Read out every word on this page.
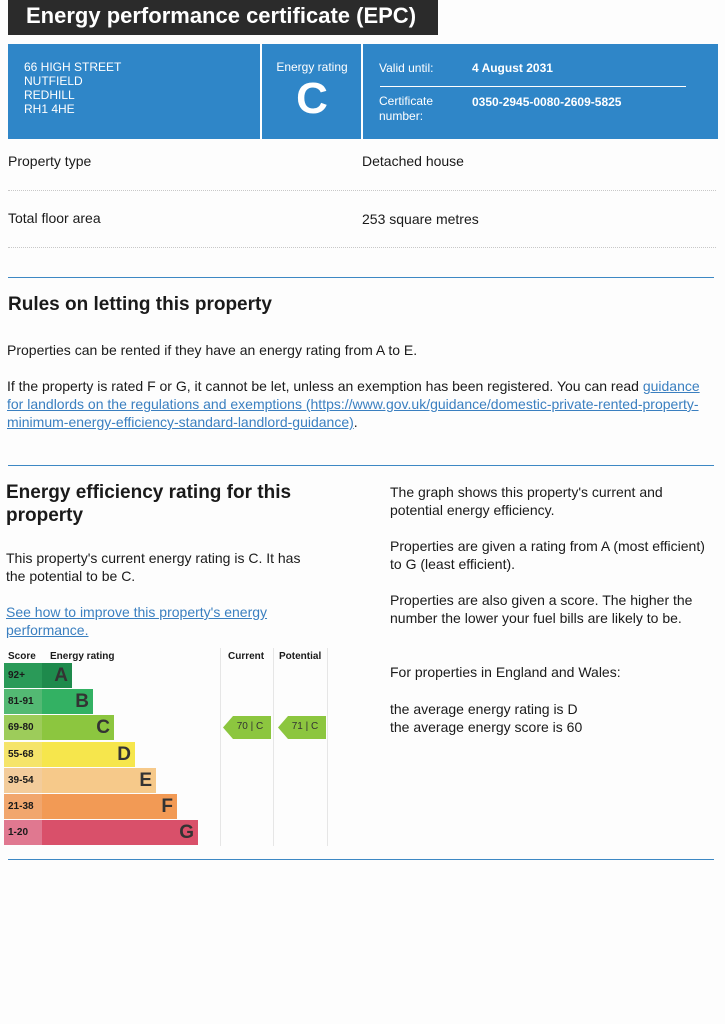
Energy performance certificate (EPC)
66 HIGH STREET
NUTFIELD
REDHILL
RH1 4HE
Energy rating
C
Valid until:	4 August 2031
Certificate number:
0350-2945-0080-2609-5825
Property type	Detached house
Total floor area	253 square metres
Rules on letting this property

Properties can be rented if they have an energy rating from A to E.

If the property is rated F or G, it cannot be let, unless an exemption has been registered. You can read guidance for landlords on the regulations and exemptions (https://www.gov.uk/guidance/domestic-private-rented-property-minimum-energy-efficiency-standard-landlord-guidance).

Energy efficiency rating for this property

This property's current energy rating is C. It has the potential to be C.

See how to improve this property's energy performance.

The graph shows this property's current and potential energy efficiency.

Properties are given a rating from A (most efficient) to G (least efficient).

Properties are also given a score. The higher the number the lower your fuel bills are likely to be.

For properties in England and Wales:

the average energy rating is D

the average energy score is 60

Score Energy rating	Current Potential
92+	A
81-91	B
69-80	C
55-68	D
39-54	E
21-38	F
1-20	G
70 | C	71 | C
